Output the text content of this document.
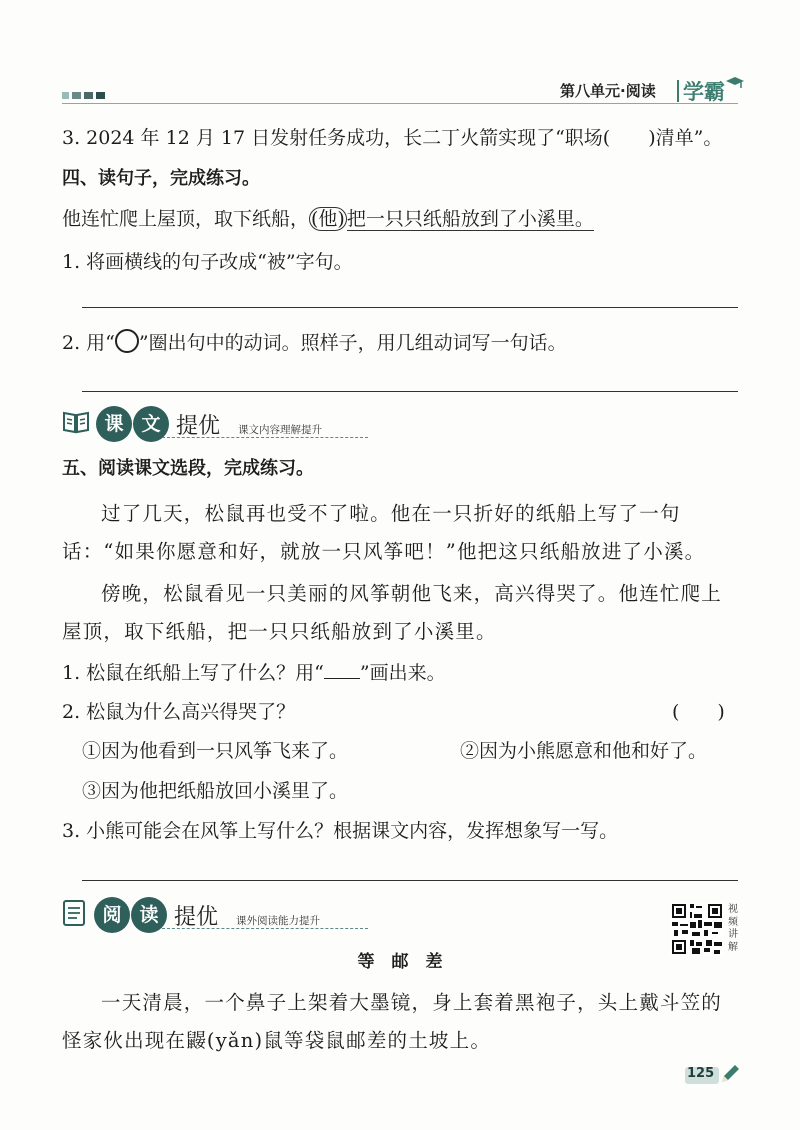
第八单元·阅读 学霸
3. 2024 年 12 月 17 日发射任务成功，长二丁火箭实现了“职场(　　)清单”。
四、读句子，完成练习。
他连忙爬上屋顶，取下纸船， (他) 把一只只纸船放到了小溪里。
1. 将画横线的句子改成“被”字句。
2. 用“ ”圈出句中的动词。照样子，用几组动词写一句话。
课 文 提优 课文内容理解提升
五、阅读课文选段，完成练习。
过了几天，松鼠再也受不了啦。他在一只折好的纸船上写了一句话：“如果你愿意和好，就放一只风筝吧！”他把这只纸船放进了小溪。
傍晚，松鼠看见一只美丽的风筝朝他飞来，高兴得哭了。他连忙爬上屋顶，取下纸船，把一只只纸船放到了小溪里。
1. 松鼠在纸船上写了什么？用“ ”画出来。
2. 松鼠为什么高兴得哭了？	(　　)
①因为他看到一只风筝飞来了。	②因为小熊愿意和他和好了。
③因为他把纸船放回小溪里了。
3. 小熊可能会在风筝上写什么？根据课文内容，发挥想象写一写。
阅 读 提优 课外阅读能力提升
视频讲解
等　邮　差
一天清晨，一个鼻子上架着大墨镜，身上套着黑袍子，头上戴斗笠的怪家伙出现在鼹(yǎn)鼠等袋鼠邮差的土坡上。
125
